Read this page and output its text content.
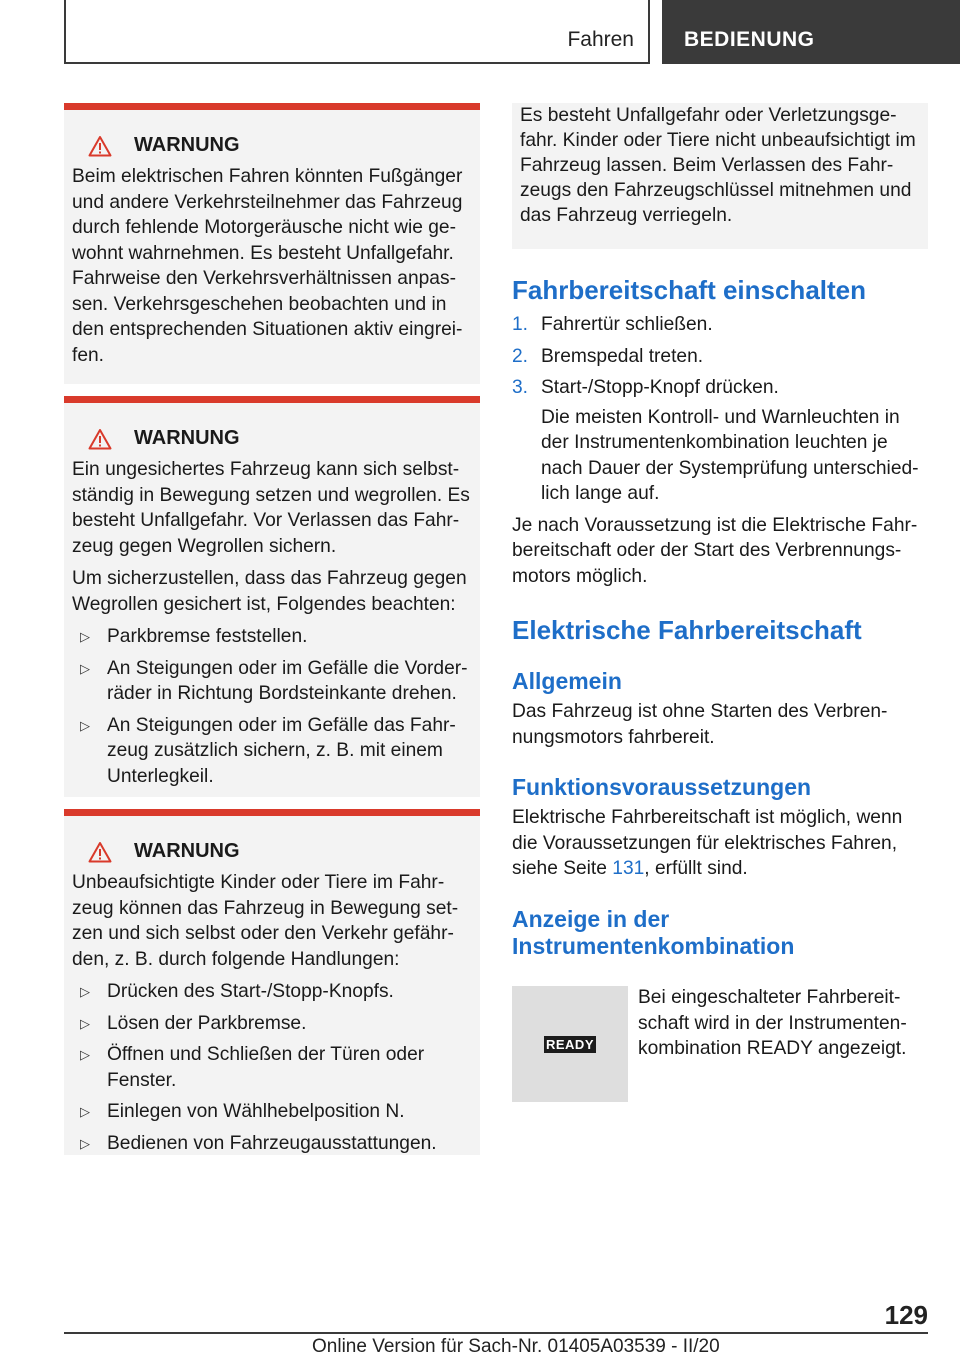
Fahren BEDIENUNG
WARNUNG

Beim elektrischen Fahren könnten Fußgänger und andere Verkehrsteilnehmer das Fahrzeug durch fehlende Motorgeräusche nicht wie gewohnt wahrnehmen. Es besteht Unfallgefahr. Fahrweise den Verkehrsverhältnissen anpassen. Verkehrsgeschehen beobachten und in den entsprechenden Situationen aktiv eingreifen.

WARNUNG

Ein ungesichertes Fahrzeug kann sich selbstständig in Bewegung setzen und wegrollen. Es besteht Unfallgefahr. Vor Verlassen das Fahrzeug gegen Wegrollen sichern.

Um sicherzustellen, dass das Fahrzeug gegen Wegrollen gesichert ist, Folgendes beachten:

▷ Parkbremse feststellen.
▷ An Steigungen oder im Gefälle die Vorderräder in Richtung Bordsteinkante drehen.
▷ An Steigungen oder im Gefälle das Fahrzeug zusätzlich sichern, z. B. mit einem Unterlegkeil.
WARNUNG

Unbeaufsichtigte Kinder oder Tiere im Fahrzeug können das Fahrzeug in Bewegung setzen und sich selbst oder den Verkehr gefährden, z. B. durch folgende Handlungen:

▷ Drücken des Start-/Stopp-Knopfs.
▷ Lösen der Parkbremse.
▷ Öffnen und Schließen der Türen oder Fenster.
▷ Einlegen von Wählhebelposition N.
▷ Bedienen von Fahrzeugausstattungen.

Es besteht Unfallgefahr oder Verletzungsgefahr. Kinder oder Tiere nicht unbeaufsichtigt im Fahrzeug lassen. Beim Verlassen des Fahrzeugs den Fahrzeugschlüssel mitnehmen und das Fahrzeug verriegeln.

Fahrbereitschaft einschalten
1. Fahrertür schließen.
2. Bremspedal treten.
3. Start-/Stopp-Knopf drücken.
Die meisten Kontroll- und Warnleuchten in der Instrumentenkombination leuchten je nach Dauer der Systemprüfung unterschiedlich lange auf.

Je nach Voraussetzung ist die Elektrische Fahrbereitschaft oder der Start des Verbrennungsmotors möglich.

Elektrische Fahrbereitschaft
Allgemein

Das Fahrzeug ist ohne Starten des Verbrennungsmotors fahrbereit.

Funktionsvoraussetzungen

Elektrische Fahrbereitschaft ist möglich, wenn die Voraussetzungen für elektrisches Fahren, siehe Seite 131, erfüllt sind.

Anzeige in der
Instrumentenkombination
READY
Bei eingeschalteter Fahrbereitschaft wird in der Instrumentenkombination READY angezeigt.
129
Online Version für Sach-Nr. 01405A03539 - II/20
